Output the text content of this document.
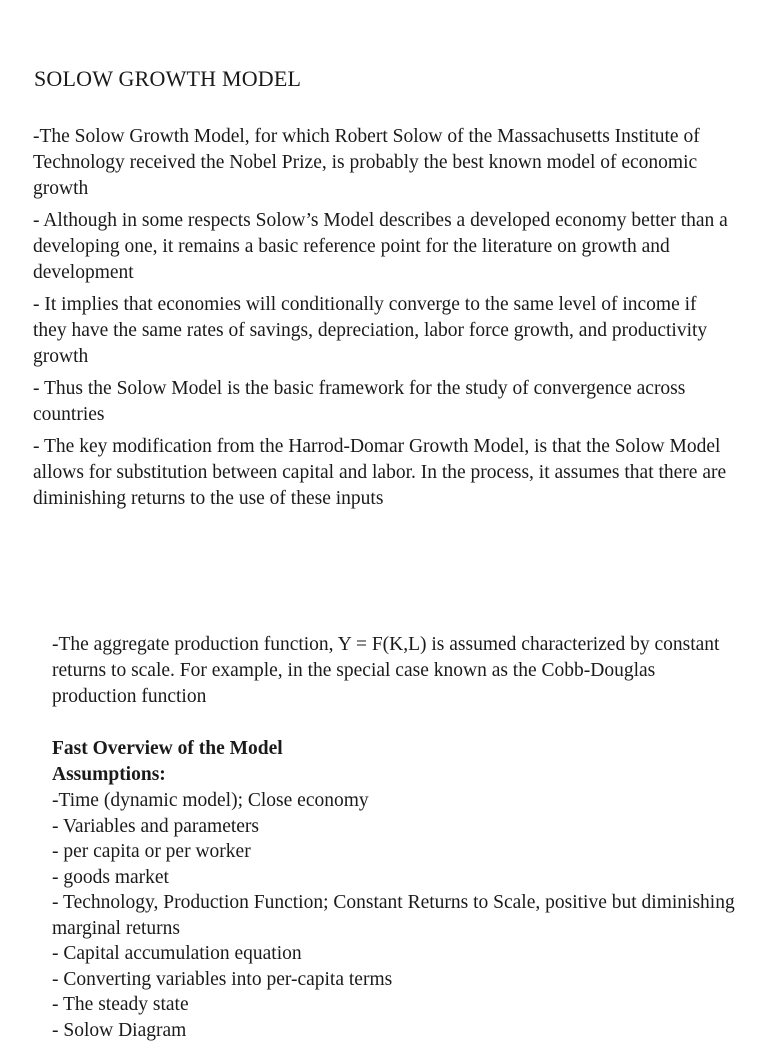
SOLOW GROWTH MODEL

-The Solow Growth Model, for which Robert Solow of the Massachusetts Institute of Technology received the Nobel Prize, is probably the best known model of economic growth

- Although in some respects Solow’s Model describes a developed economy better than a developing one, it remains a basic reference point for the literature on growth and development

- It implies that economies will conditionally converge to the same level of income if they have the same rates of savings, depreciation, labor force growth, and productivity growth

- Thus the Solow Model is the basic framework for the study of convergence across countries

- The key modification from the Harrod-Domar Growth Model, is that the Solow Model allows for substitution between capital and labor. In the process, it assumes that there are diminishing returns to the use of these inputs

-The aggregate production function, Y = F(K,L) is assumed characterized by constant returns to scale. For example, in the special case known as the Cobb-Douglas production function

Fast Overview of the Model
Assumptions:
-Time (dynamic model); Close economy
- Variables and parameters
- per capita or per worker
- goods market
- Technology, Production Function; Constant Returns to Scale, positive but diminishing marginal returns
- Capital accumulation equation
- Converting variables into per-capita terms
- The steady state
- Solow Diagram
